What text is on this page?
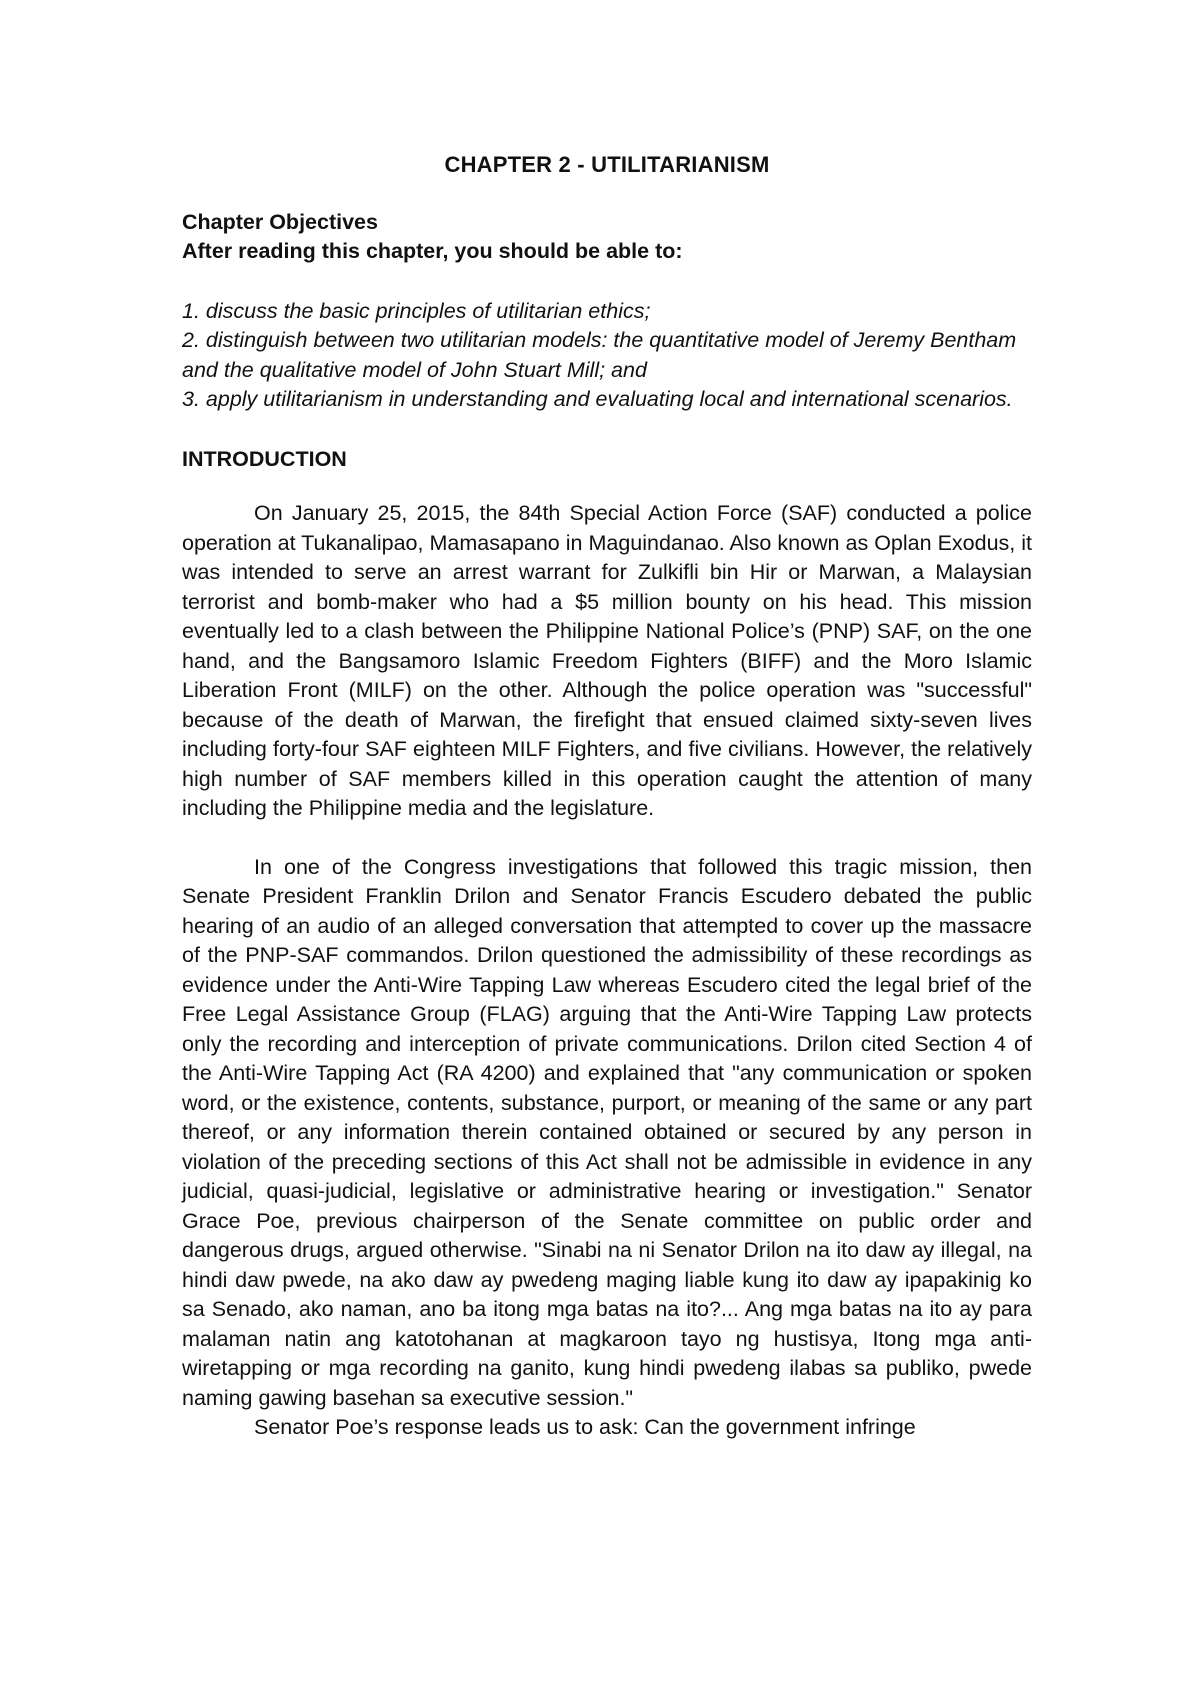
CHAPTER 2 - UTILITARIANISM
Chapter Objectives
After reading this chapter, you should be able to:
1. discuss the basic principles of utilitarian ethics;
2. distinguish between two utilitarian models: the quantitative model of Jeremy Bentham and the qualitative model of John Stuart Mill; and
3. apply utilitarianism in understanding and evaluating local and international scenarios.
INTRODUCTION

On January 25, 2015, the 84th Special Action Force (SAF) conducted a police operation at Tukanalipao, Mamasapano in Maguindanao. Also known as Oplan Exodus, it was intended to serve an arrest warrant for Zulkifli bin Hir or Marwan, a Malaysian terrorist and bomb-maker who had a $5 million bounty on his head. This mission eventually led to a clash between the Philippine National Police’s (PNP) SAF, on the one hand, and the Bangsamoro Islamic Freedom Fighters (BIFF) and the Moro Islamic Liberation Front (MILF) on the other. Although the police operation was "successful" because of the death of Marwan, the firefight that ensued claimed sixty-seven lives including forty-four SAF eighteen MILF Fighters, and five civilians. However, the relatively high number of SAF members killed in this operation caught the attention of many including the Philippine media and the legislature.

In one of the Congress investigations that followed this tragic mission, then Senate President Franklin Drilon and Senator Francis Escudero debated the public hearing of an audio of an alleged conversation that attempted to cover up the massacre of the PNP-SAF commandos. Drilon questioned the admissibility of these recordings as evidence under the Anti-Wire Tapping Law whereas Escudero cited the legal brief of the Free Legal Assistance Group (FLAG) arguing that the Anti-Wire Tapping Law protects only the recording and interception of private communications. Drilon cited Section 4 of the Anti-Wire Tapping Act (RA 4200) and explained that "any communication or spoken word, or the existence, contents, substance, purport, or meaning of the same or any part thereof, or any information therein contained obtained or secured by any person in violation of the preceding sections of this Act shall not be admissible in evidence in any judicial, quasi-judicial, legislative or administrative hearing or investigation." Senator Grace Poe, previous chairperson of the Senate committee on public order and dangerous drugs, argued otherwise. "Sinabi na ni Senator Drilon na ito daw ay illegal, na hindi daw pwede, na ako daw ay pwedeng maging liable kung ito daw ay ipapakinig ko sa Senado, ako naman, ano ba itong mga batas na ito?... Ang mga batas na ito ay para malaman natin ang katotohanan at magkaroon tayo ng hustisya, Itong mga anti-wiretapping or mga recording na ganito, kung hindi pwedeng ilabas sa publiko, pwede naming gawing basehan sa executive session."

Senator Poe’s response leads us to ask: Can the government infringe
